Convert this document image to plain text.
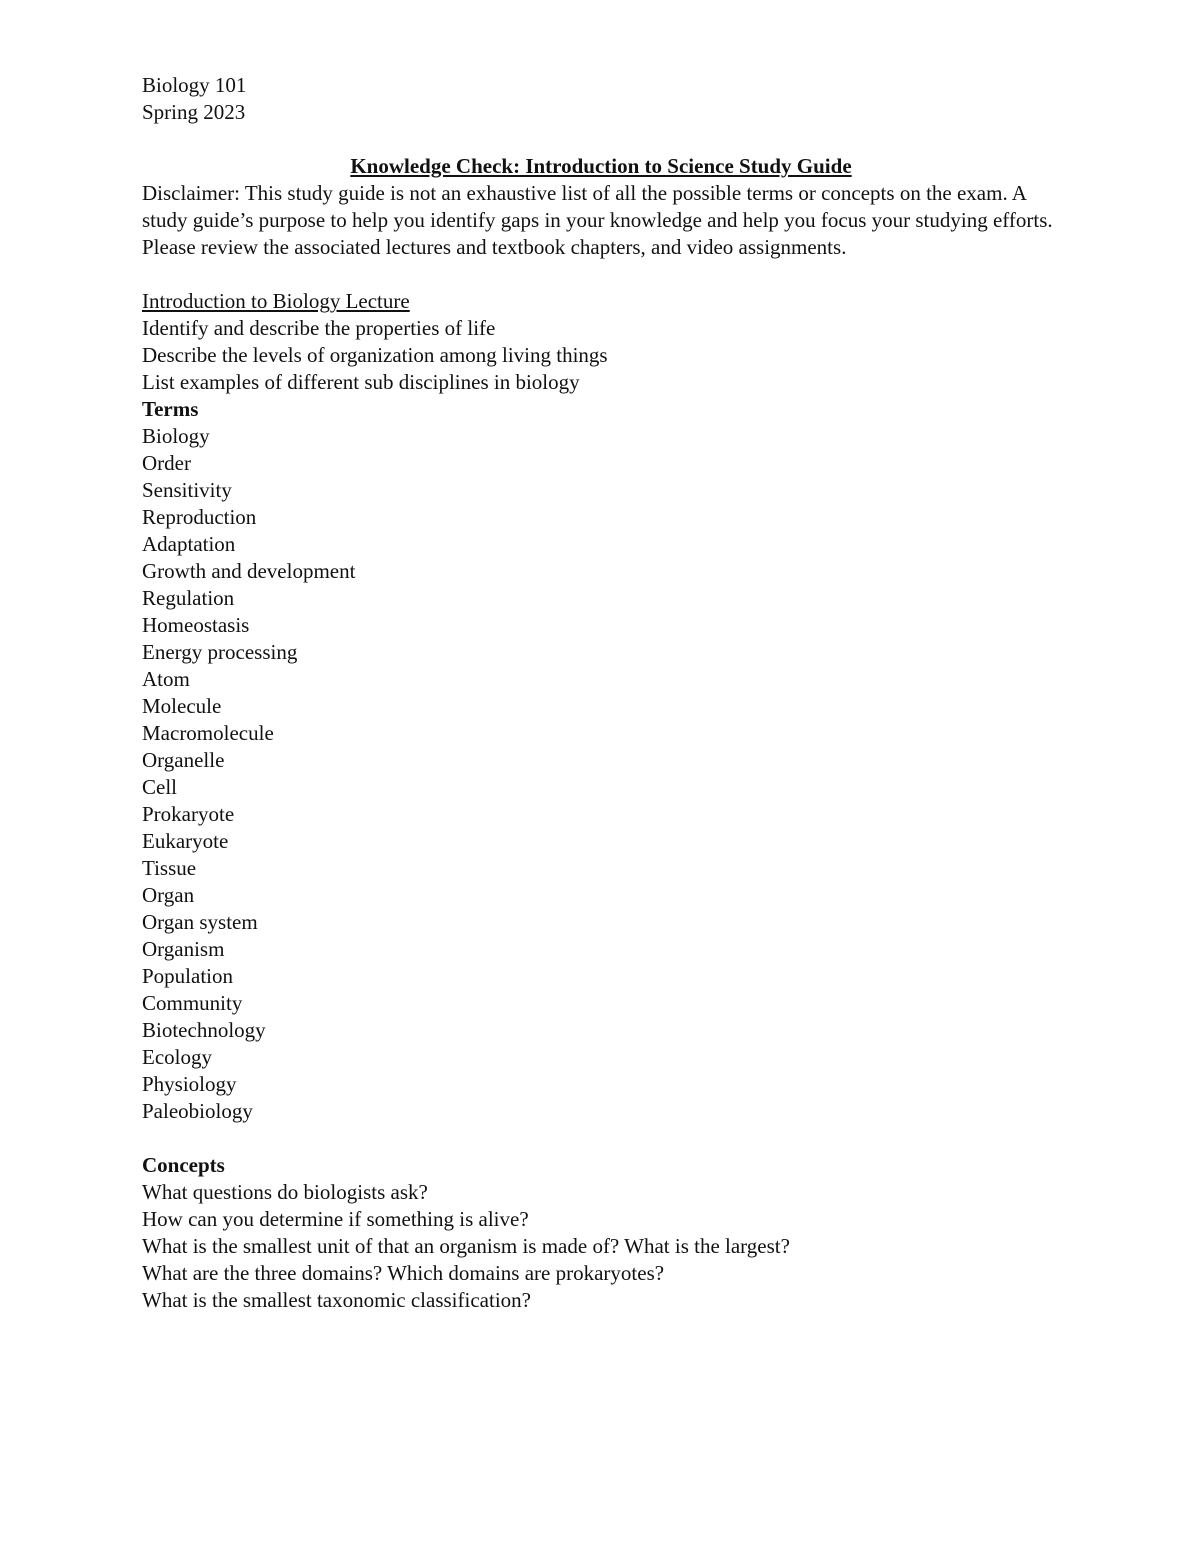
Biology 101
Spring 2023
Knowledge Check: Introduction to Science Study Guide
Disclaimer: This study guide is not an exhaustive list of all the possible terms or concepts on the exam. A study guide’s purpose to help you identify gaps in your knowledge and help you focus your studying efforts. Please review the associated lectures and textbook chapters, and video assignments.
Introduction to Biology Lecture
Identify and describe the properties of life
Describe the levels of organization among living things
List examples of different sub disciplines in biology
Terms
Biology
Order
Sensitivity
Reproduction
Adaptation
Growth and development
Regulation
Homeostasis
Energy processing
Atom
Molecule
Macromolecule
Organelle
Cell
Prokaryote
Eukaryote
Tissue
Organ
Organ system
Organism
Population
Community
Biotechnology
Ecology
Physiology
Paleobiology
Concepts
What questions do biologists ask?
How can you determine if something is alive?
What is the smallest unit of that an organism is made of? What is the largest?
What are the three domains? Which domains are prokaryotes?
What is the smallest taxonomic classification?
